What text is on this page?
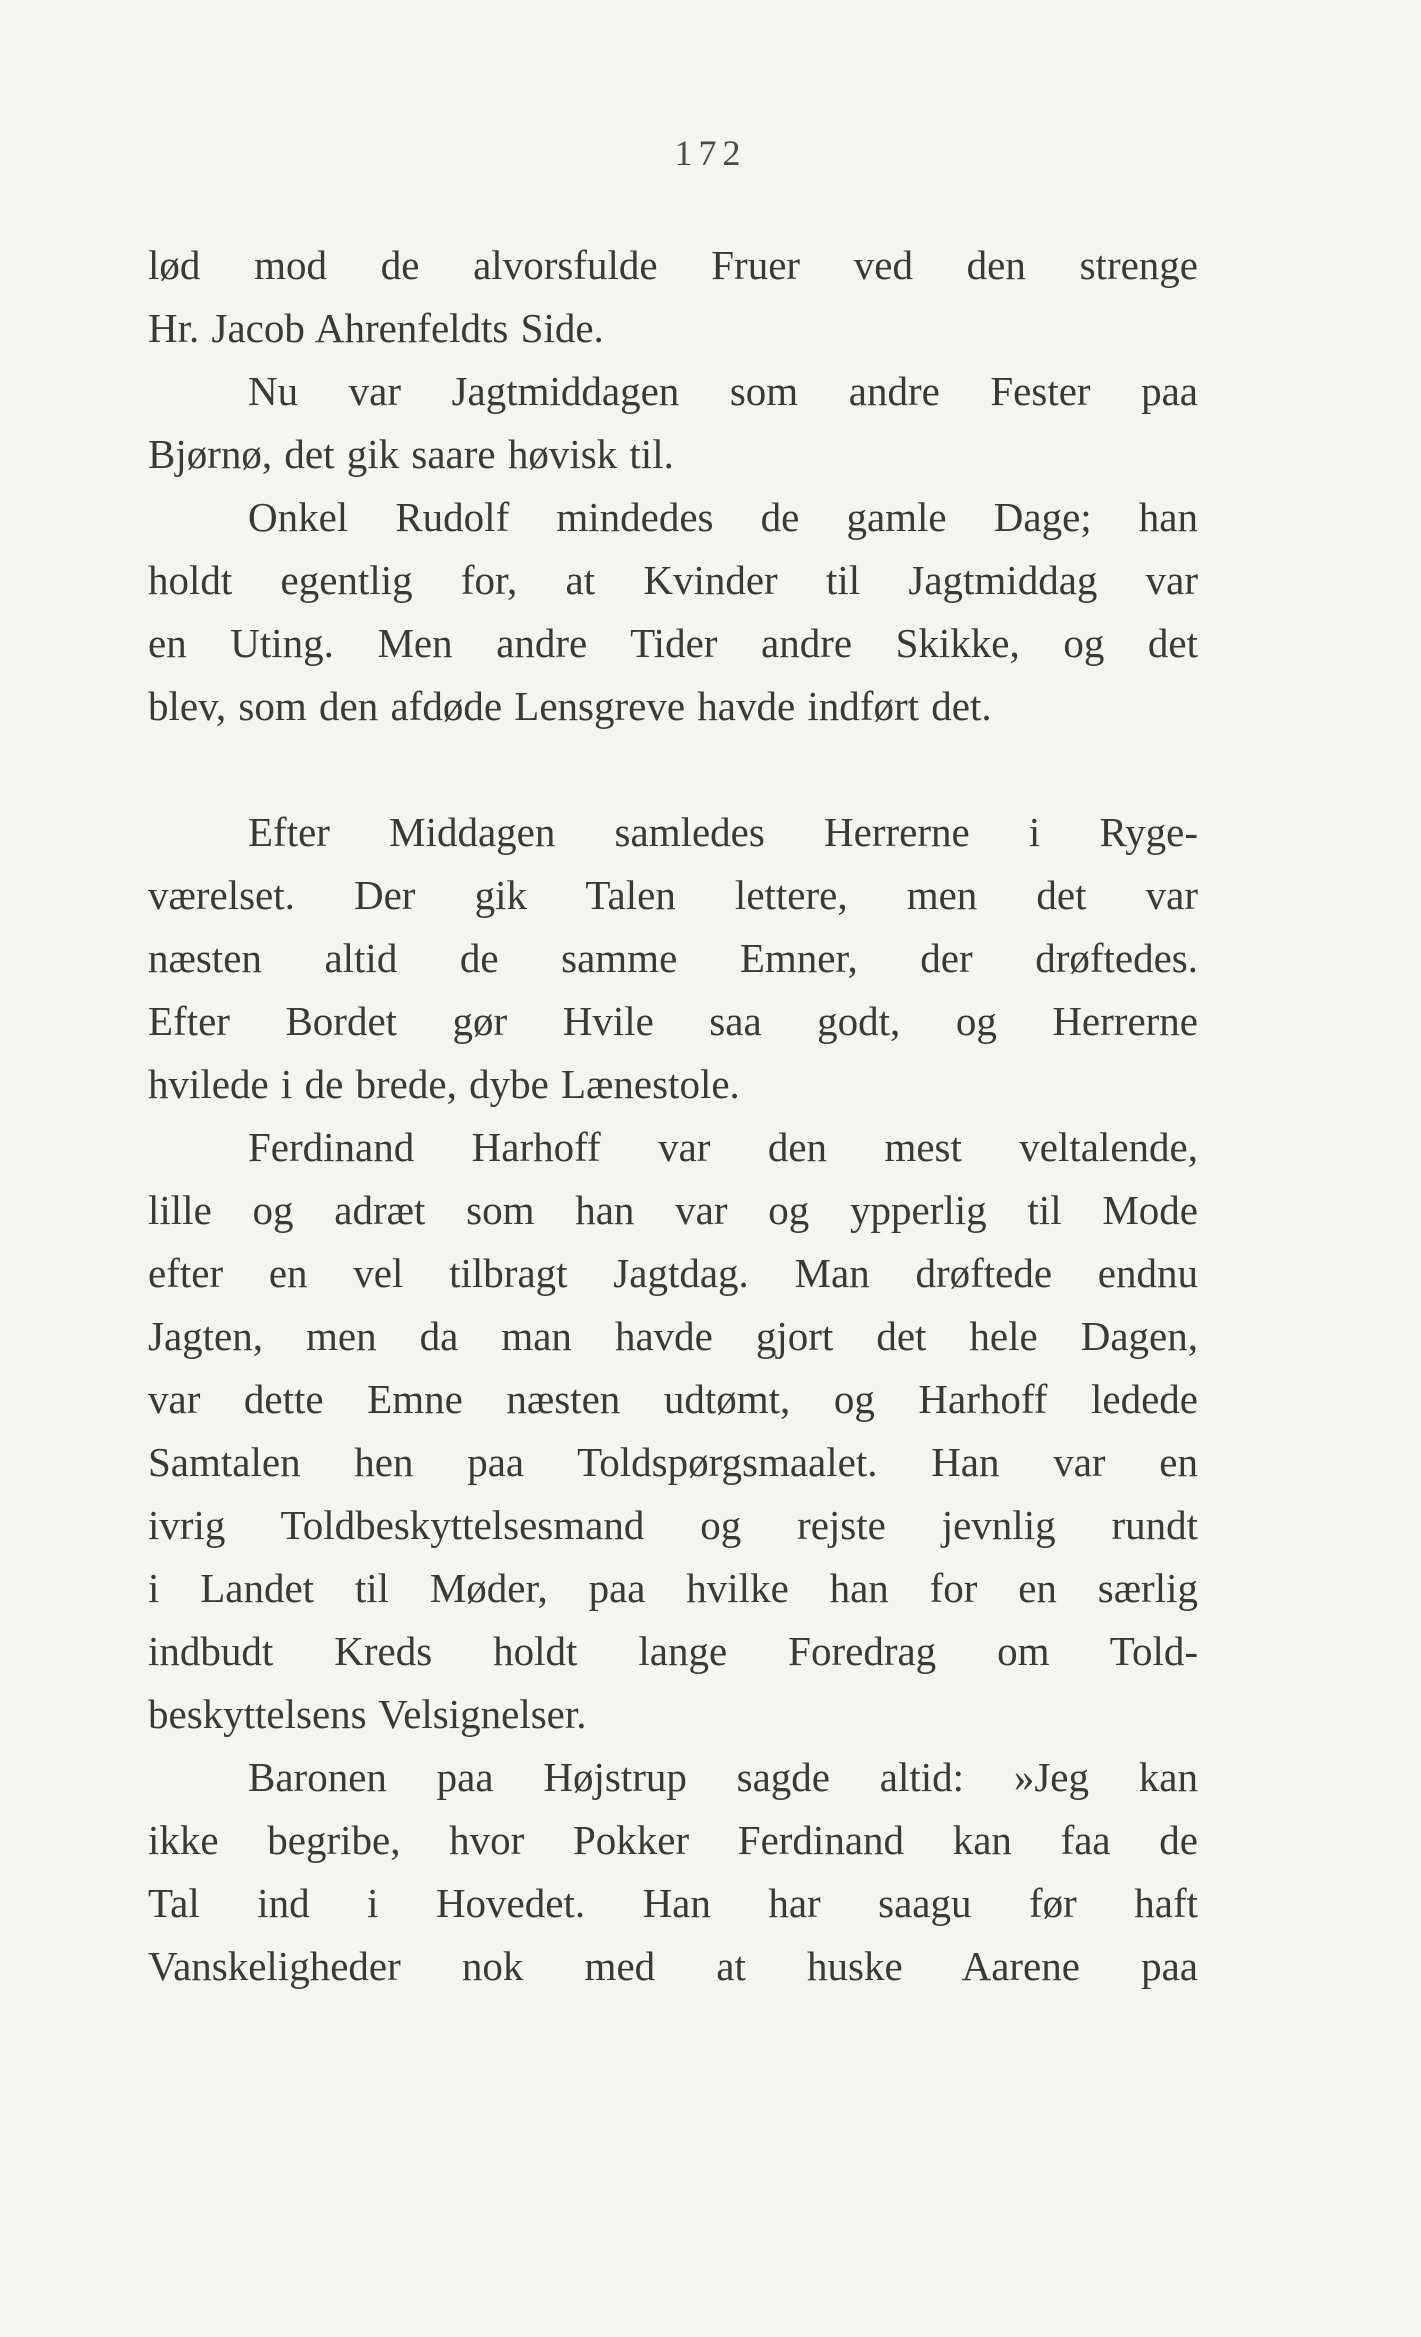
172
lød mod de alvorsfulde Fruer ved den strenge
Hr. Jacob Ahrenfeldts Side.
Nu var Jagtmiddagen som andre Fester paa
Bjørnø, det gik saare høvisk til.
Onkel Rudolf mindedes de gamle Dage; han
holdt egentlig for, at Kvinder til Jagtmiddag var
en Uting. Men andre Tider andre Skikke, og det
blev, som den afdøde Lensgreve havde indført det.
Efter Middagen samledes Herrerne i Ryge-
værelset. Der gik Talen lettere, men det var
næsten altid de samme Emner, der drøftedes.
Efter Bordet gør Hvile saa godt, og Herrerne
hvilede i de brede, dybe Lænestole.
Ferdinand Harhoff var den mest veltalende,
lille og adræt som han var og ypperlig til Mode
efter en vel tilbragt Jagtdag. Man drøftede endnu
Jagten, men da man havde gjort det hele Dagen,
var dette Emne næsten udtømt, og Harhoff ledede
Samtalen hen paa Toldspørgsmaalet. Han var en
ivrig Toldbeskyttelsesmand og rejste jevnlig rundt
i Landet til Møder, paa hvilke han for en særlig
indbudt Kreds holdt lange Foredrag om Told-
beskyttelsens Velsignelser.
Baronen paa Højstrup sagde altid: »Jeg kan
ikke begribe, hvor Pokker Ferdinand kan faa de
Tal ind i Hovedet. Han har saagu før haft
Vanskeligheder nok med at huske Aarene paa
